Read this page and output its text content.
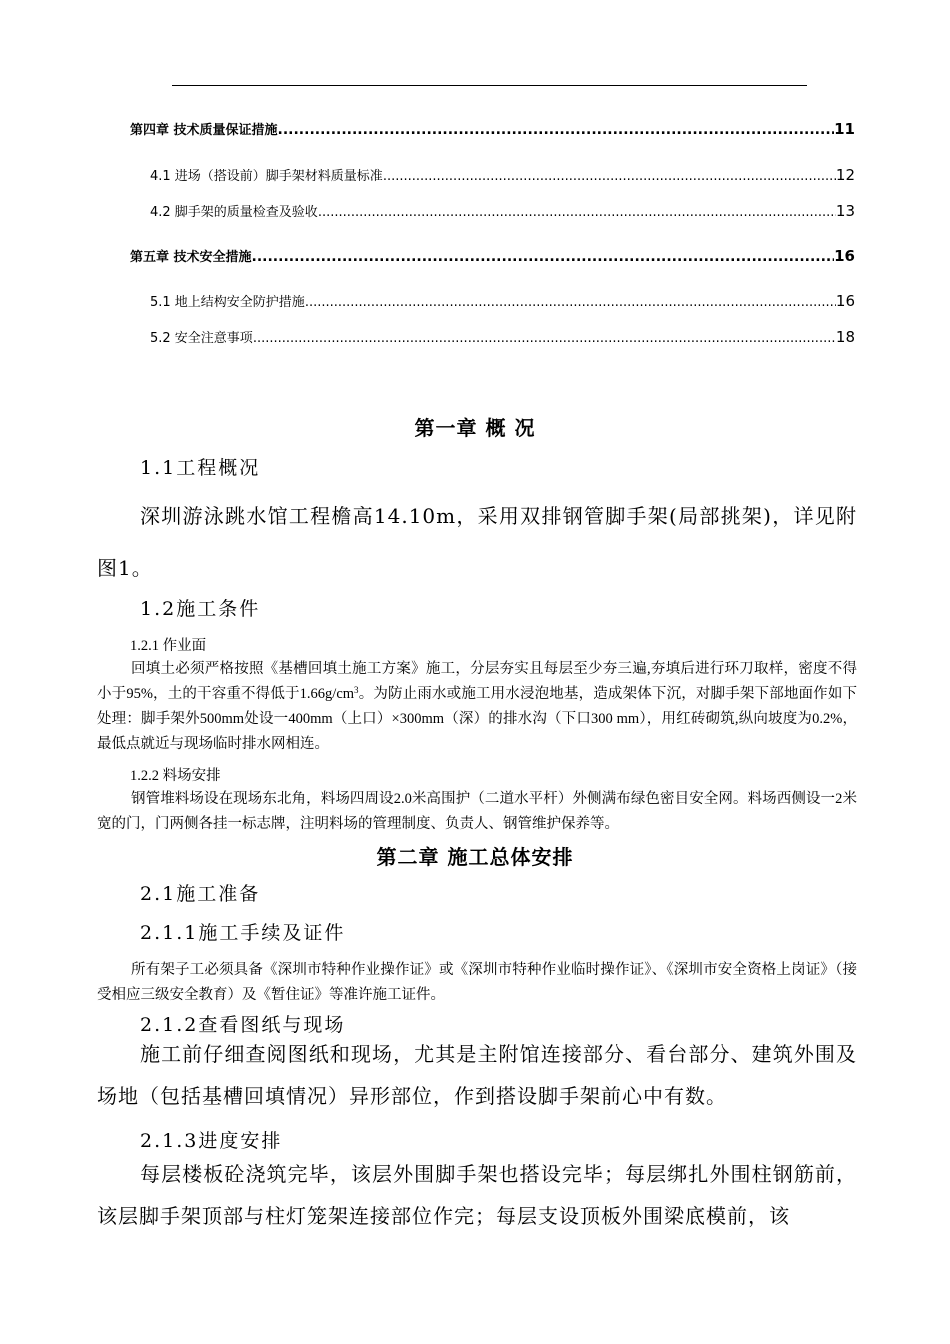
第四章 技术质量保证措施 .....	11
4.1 进场（搭设前）脚手架材料质量标准 .....	12
4.2 脚手架的质量检查及验收 .....	13
第五章 技术安全措施 .....	16
5.1 地上结构安全防护措施 .....	16
5.2 安全注意事项 .....	18
第一章 概 况
1.1工程概况

深圳游泳跳水馆工程檐高14.10m，采用双排钢管脚手架(局部挑架)，详见附图1。

1.2施工条件
1.2.1 作业面

回填土必须严格按照《基槽回填土施工方案》施工，分层夯实且每层至少夯三遍,夯填后进行环刀取样，密度不得小于95%，土的干容重不得低于$1.66g/cm^3$。为防止雨水或施工用水浸泡地基，造成架体下沉，对脚手架下部地面作如下处理：脚手架外500mm处设一400mm（上口）×300mm（深）的排水沟（下口300 mm），用红砖砌筑,纵向坡度为0.2%，最低点就近与现场临时排水网相连。

1.2.2 料场安排

钢管堆料场设在现场东北角，料场四周设2.0米高围护（二道水平杆）外侧满布绿色密目安全网。料场西侧设一2米宽的门，门两侧各挂一标志牌，注明料场的管理制度、负责人、钢管维护保养等。

第二章 施工总体安排
2.1施工准备
2.1.1施工手续及证件

所有架子工必须具备《深圳市特种作业操作证》或《深圳市特种作业临时操作证》、《深圳市安全资格上岗证》（接受相应三级安全教育）及《暂住证》等准许施工证件。

2.1.2查看图纸与现场

施工前仔细查阅图纸和现场，尤其是主附馆连接部分、看台部分、建筑外围及场地（包括基槽回填情况）异形部位，作到搭设脚手架前心中有数。

2.1.3进度安排

每层楼板砼浇筑完毕，该层外围脚手架也搭设完毕；每层绑扎外围柱钢筋前，该层脚手架顶部与柱灯笼架连接部位作完；每层支设顶板外围梁底模前，该
